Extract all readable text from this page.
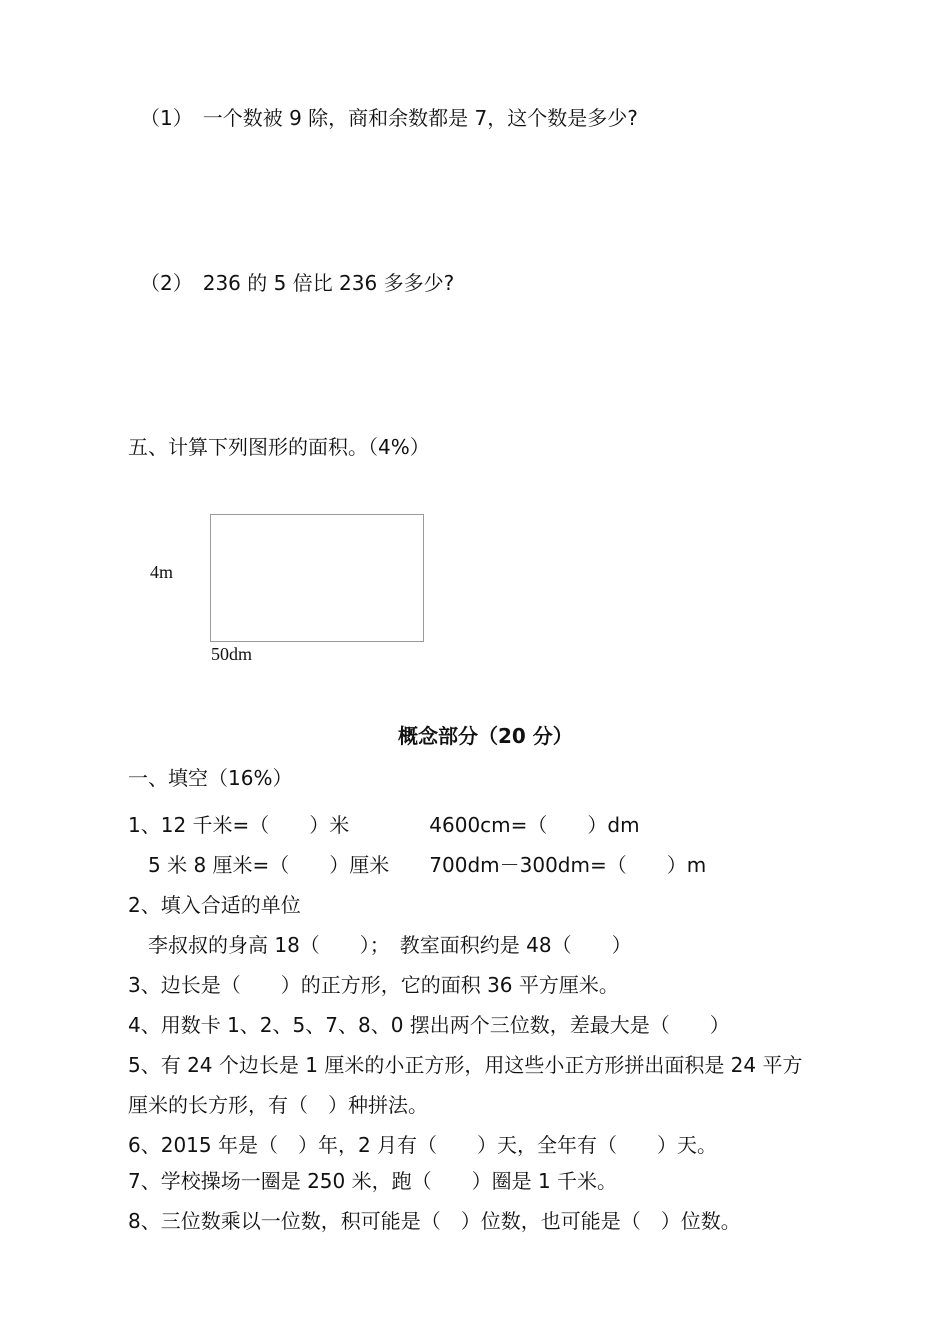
（1）　一个数被 9 除，商和余数都是 7，这个数是多少?
（2）　236 的 5 倍比 236 多多少?
五、计算下列图形的面积。（4%）
4m
50dm
概念部分（20 分）
一、填空（16%）
1、12 千米=（　　）米　　　　4600cm=（　　）dm
　5 米 8 厘米=（　　）厘米　　700dm－300dm=（　　）m
2、填入合适的单位
　李叔叔的身高 18（　　）；　教室面积约是 48（　　）
3、边长是（　　）的正方形，它的面积 36 平方厘米。
4、用数卡 1、2、5、7、8、0 摆出两个三位数，差最大是（　　）
5、有 24 个边长是 1 厘米的小正方形，用这些小正方形拼出面积是 24 平方
厘米的长方形，有（　）种拼法。
6、2015 年是（　）年，2 月有（　　）天，全年有（　　）天。
7、学校操场一圈是 250 米，跑（　　）圈是 1 千米。
8、三位数乘以一位数，积可能是（　）位数，也可能是（　）位数。
